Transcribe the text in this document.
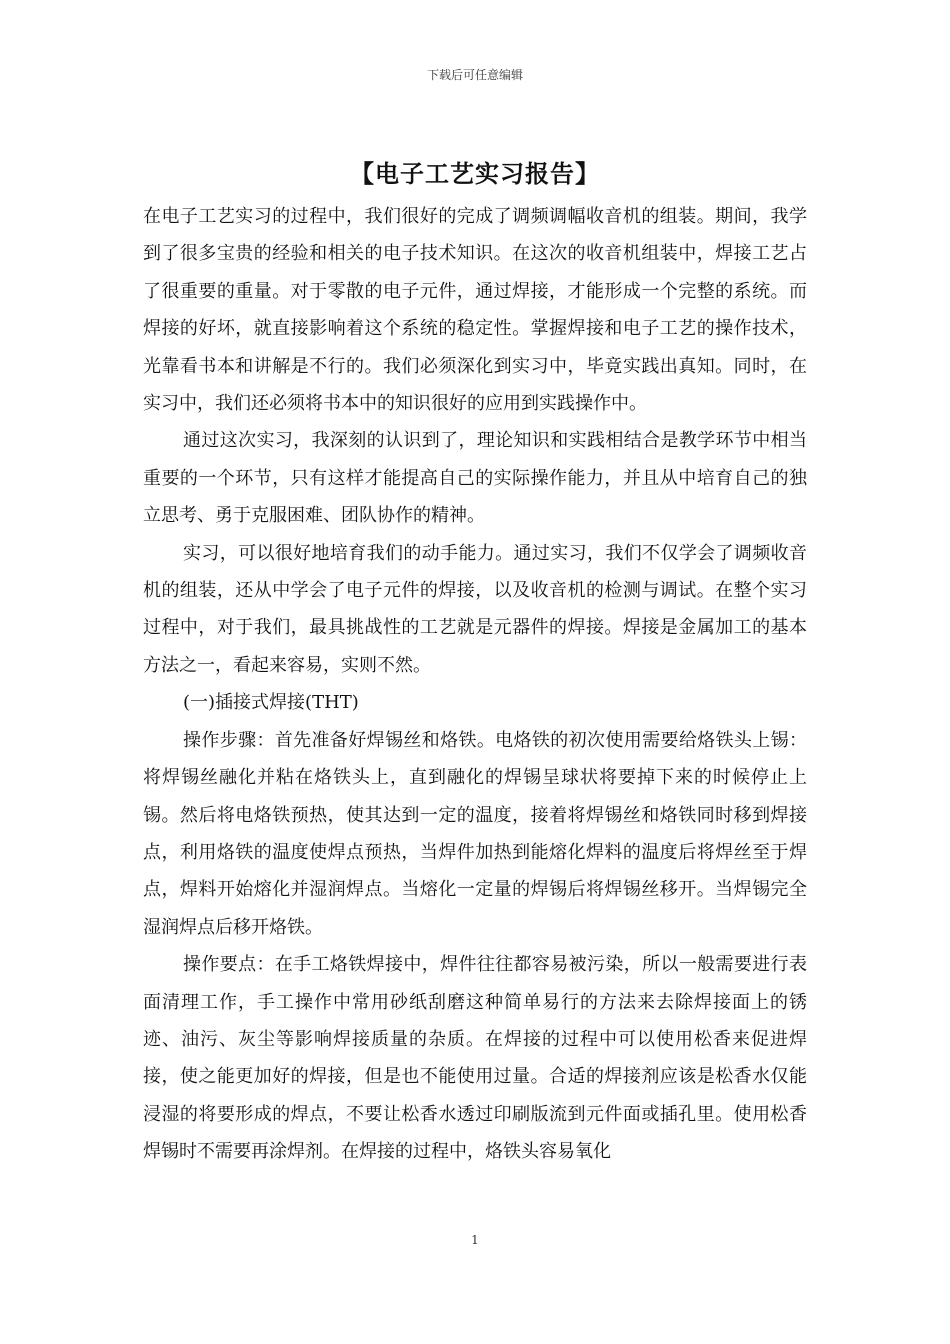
下载后可任意编辑
【电子工艺实习报告】

在电子工艺实习的过程中，我们很好的完成了调频调幅收音机的组装。期间，我学到了很多宝贵的经验和相关的电子技术知识。在这次的收音机组装中，焊接工艺占了很重要的重量。对于零散的电子元件，通过焊接，才能形成一个完整的系统。而焊接的好坏，就直接影响着这个系统的稳定性。掌握焊接和电子工艺的操作技术，光靠看书本和讲解是不行的。我们必须深化到实习中，毕竟实践出真知。同时，在实习中，我们还必须将书本中的知识很好的应用到实践操作中。

通过这次实习，我深刻的认识到了，理论知识和实践相结合是教学环节中相当重要的一个环节，只有这样才能提高自己的实际操作能力，并且从中培育自己的独立思考、勇于克服困难、团队协作的精神。

实习，可以很好地培育我们的动手能力。通过实习，我们不仅学会了调频收音机的组装，还从中学会了电子元件的焊接，以及收音机的检测与调试。在整个实习过程中，对于我们，最具挑战性的工艺就是元器件的焊接。焊接是金属加工的基本方法之一，看起来容易，实则不然。

(一)插接式焊接(THT)

操作步骤：首先准备好焊锡丝和烙铁。电烙铁的初次使用需要给烙铁头上锡：将焊锡丝融化并粘在烙铁头上，直到融化的焊锡呈球状将要掉下来的时候停止上锡。然后将电烙铁预热，使其达到一定的温度，接着将焊锡丝和烙铁同时移到焊接点，利用烙铁的温度使焊点预热，当焊件加热到能熔化焊料的温度后将焊丝至于焊点，焊料开始熔化并湿润焊点。当熔化一定量的焊锡后将焊锡丝移开。当焊锡完全湿润焊点后移开烙铁。

操作要点：在手工烙铁焊接中，焊件往往都容易被污染，所以一般需要进行表面清理工作，手工操作中常用砂纸刮磨这种简单易行的方法来去除焊接面上的锈迹、油污、灰尘等影响焊接质量的杂质。在焊接的过程中可以使用松香来促进焊接，使之能更加好的焊接，但是也不能使用过量。合适的焊接剂应该是松香水仅能浸湿的将要形成的焊点，不要让松香水透过印刷版流到元件面或插孔里。使用松香焊锡时不需要再涂焊剂。在焊接的过程中，烙铁头容易氧化

1
